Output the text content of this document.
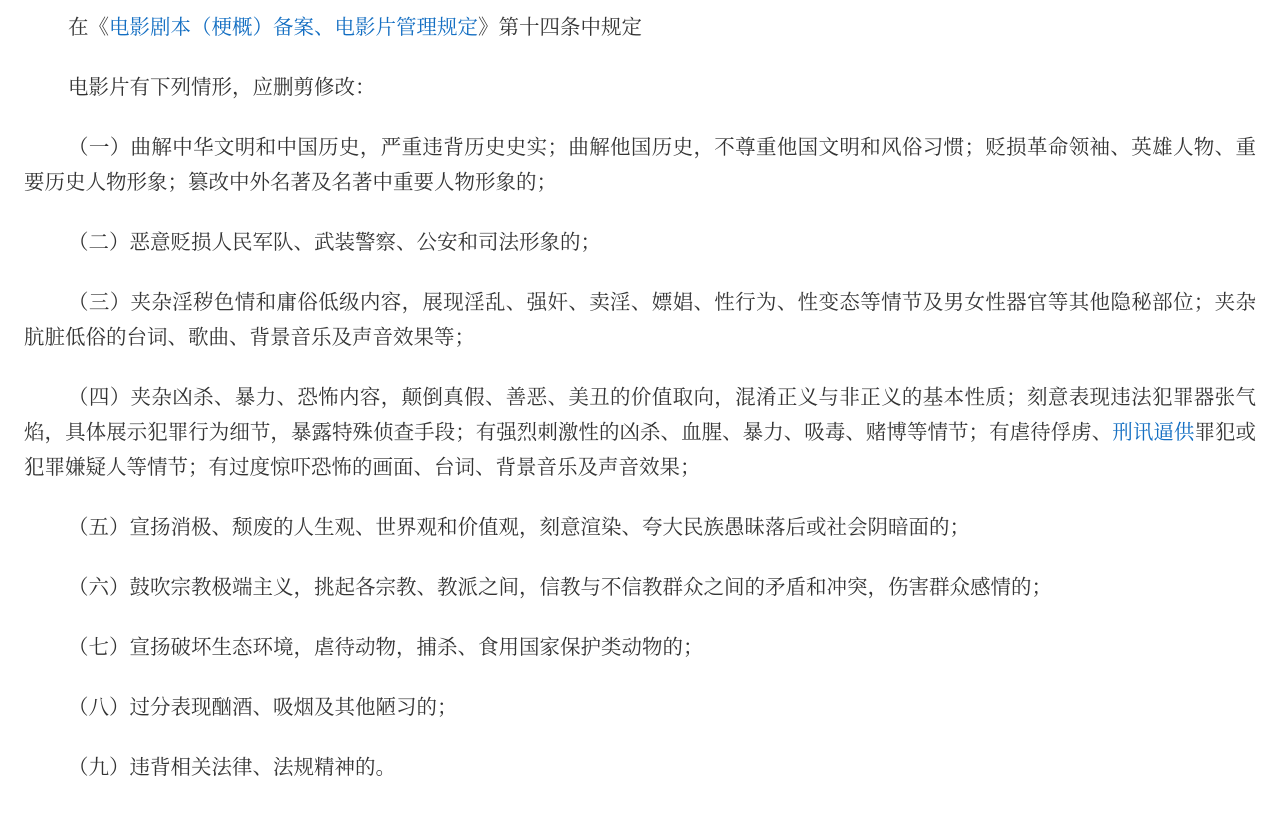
在《电影剧本（梗概）备案、电影片管理规定》第十四条中规定

电影片有下列情形，应删剪修改：

（一）曲解中华文明和中国历史，严重违背历史史实；曲解他国历史，不尊重他国文明和风俗习惯；贬损革命领袖、英雄人物、重要历史人物形象；篡改中外名著及名著中重要人物形象的；

（二）恶意贬损人民军队、武装警察、公安和司法形象的；

（三）夹杂淫秽色情和庸俗低级内容，展现淫乱、强奸、卖淫、嫖娼、性行为、性变态等情节及男女性器官等其他隐秘部位；夹杂肮脏低俗的台词、歌曲、背景音乐及声音效果等；

（四）夹杂凶杀、暴力、恐怖内容，颠倒真假、善恶、美丑的价值取向，混淆正义与非正义的基本性质；刻意表现违法犯罪器张气焰，具体展示犯罪行为细节，暴露特殊侦查手段；有强烈刺激性的凶杀、血腥、暴力、吸毒、赌博等情节；有虐待俘虏、刑讯逼供罪犯或犯罪嫌疑人等情节；有过度惊吓恐怖的画面、台词、背景音乐及声音效果；

（五）宣扬消极、颓废的人生观、世界观和价值观，刻意渲染、夸大民族愚昧落后或社会阴暗面的；

（六）鼓吹宗教极端主义，挑起各宗教、教派之间，信教与不信教群众之间的矛盾和冲突，伤害群众感情的；

（七）宣扬破坏生态环境，虐待动物，捕杀、食用国家保护类动物的；

（八）过分表现酗酒、吸烟及其他陋习的；

（九）违背相关法律、法规精神的。
